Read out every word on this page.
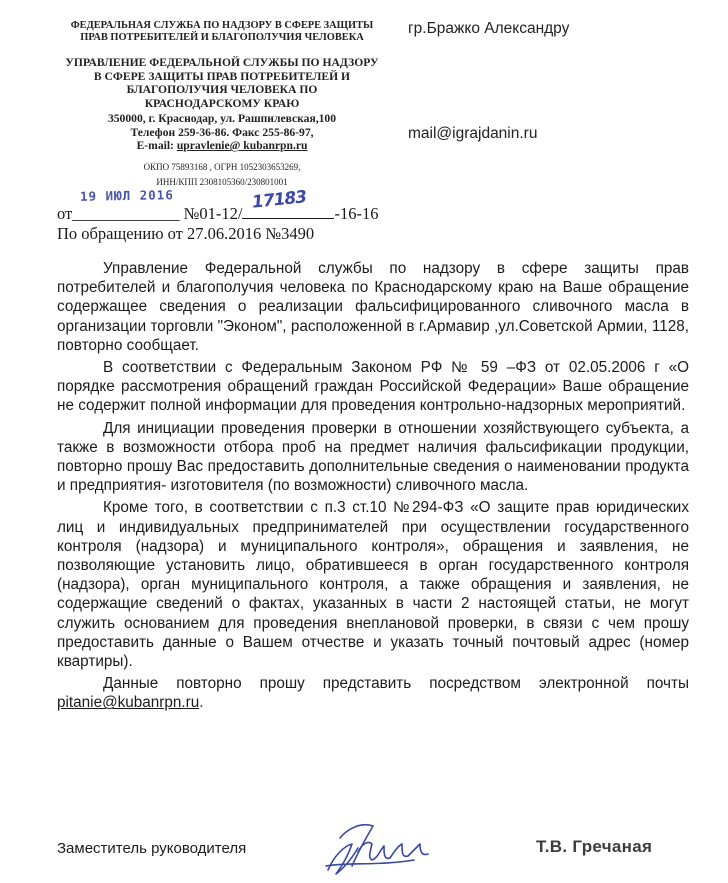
ФЕДЕРАЛЬНАЯ СЛУЖБА ПО НАДЗОРУ В СФЕРЕ ЗАЩИТЫ
ПРАВ ПОТРЕБИТЕЛЕЙ И БЛАГОПОЛУЧИЯ ЧЕЛОВЕКА
УПРАВЛЕНИЕ ФЕДЕРАЛЬНОЙ СЛУЖБЫ ПО НАДЗОРУ
В СФЕРЕ ЗАЩИТЫ ПРАВ ПОТРЕБИТЕЛЕЙ И
БЛАГОПОЛУЧИЯ ЧЕЛОВЕКА ПО
КРАСНОДАРСКОМУ КРАЮ
350000, г. Краснодар, ул. Рашпилевская,100
Телефон 259-36-86. Факс 255-86-97,
E-mail: upravlenie@ kubanrpn.ru
ОКПО 75893168 , ОГРН 1052303653269,
ИНН/КПП 2308105360/230801001
гр.Бражко Александру
mail@igrajdanin.ru
19 ИЮЛ 2016
от_____________ №01-12/
17183
-16-16
По обращению от 27.06.2016 №3490

Управление Федеральной службы по надзору в сфере защиты прав потребителей и благополучия человека по Краснодарскому краю на Ваше обращение содержащее сведения о реализации фальсифицированного сливочного масла в организации торговли "Эконом", расположенной в г.Армавир ,ул.Советской Армии, 1128, повторно сообщает.

В соответствии с Федеральным Законом РФ № 59 –ФЗ от 02.05.2006 г «О порядке рассмотрения обращений граждан Российской Федерации» Ваше обращение не содержит полной информации для проведения контрольно-надзорных мероприятий.

Для инициации проведения проверки в отношении хозяйствующего субъекта, а также в возможности отбора проб на предмет наличия фальсификации продукции, повторно прошу Вас предоставить дополнительные сведения о наименовании продукта и предприятия- изготовителя (по возможности) сливочного масла.

Кроме того, в соответствии с п.3 ст.10 №294-ФЗ «О защите прав юридических лиц и индивидуальных предпринимателей при осуществлении государственного контроля (надзора) и муниципального контроля», обращения и заявления, не позволяющие установить лицо, обратившееся в орган государственного контроля (надзора), орган муниципального контроля, а также обращения и заявления, не содержащие сведений о фактах, указанных в части 2 настоящей статьи, не могут служить основанием для проведения внеплановой проверки, в связи с чем прошу предоставить данные о Вашем отчестве и указать точный почтовый адрес (номер квартиры).

Данные повторно прошу представить посредством электронной почты pitanie@kubanrpn.ru.

Заместитель руководителя	Т.В. Гречаная
